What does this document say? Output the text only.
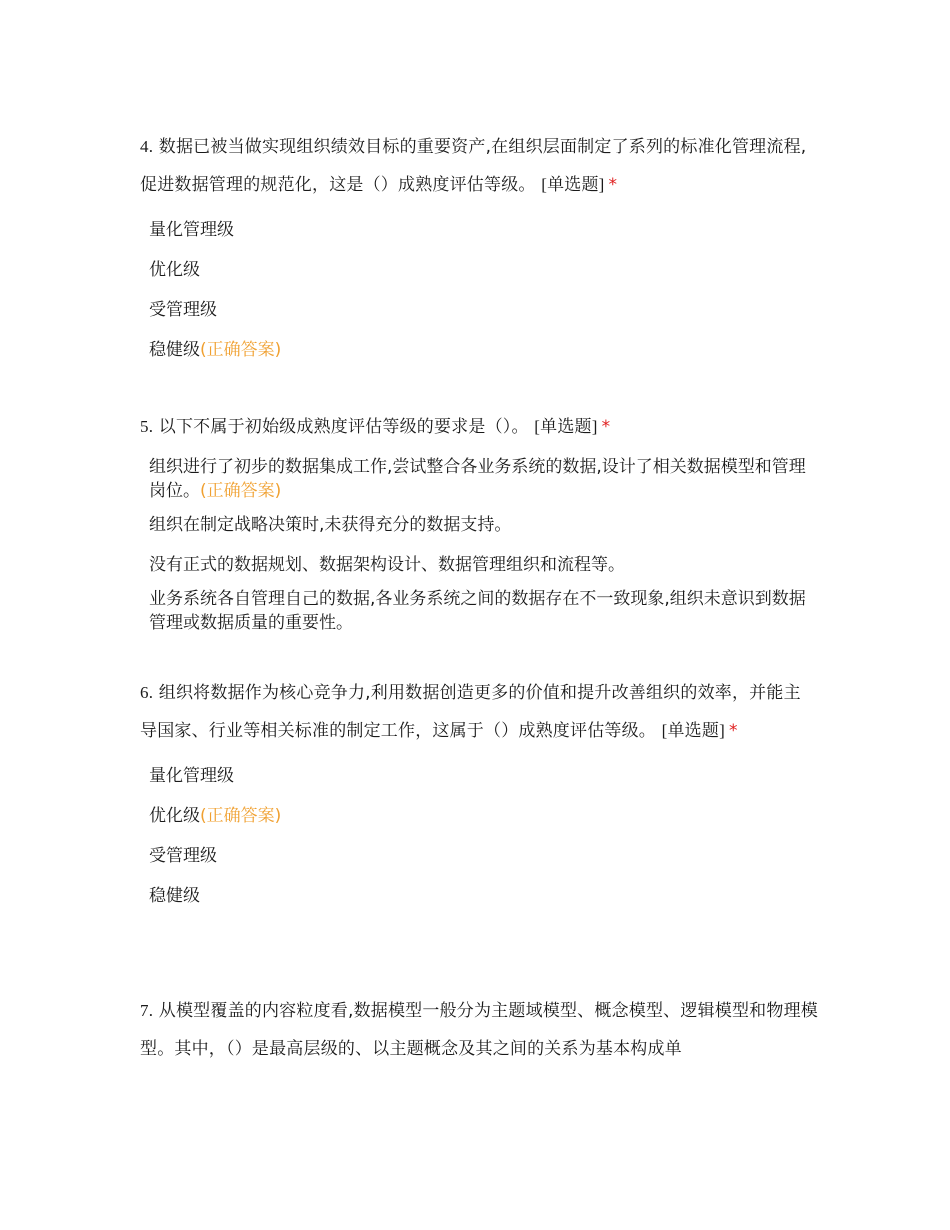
4. 数据已被当做实现组织绩效目标的重要资产,在组织层面制定了系列的标准化管理流程,促进数据管理的规范化，这是（）成熟度评估等级。 [单选题] *

量化管理级
优化级
受管理级
稳健级(正确答案)

5. 以下不属于初始级成熟度评估等级的要求是（）。 [单选题] *

组织进行了初步的数据集成工作,尝试整合各业务系统的数据,设计了相关数据模型和管理岗位。(正确答案)
组织在制定战略决策时,未获得充分的数据支持。
没有正式的数据规划、数据架构设计、数据管理组织和流程等。
业务系统各自管理自己的数据,各业务系统之间的数据存在不一致现象,组织未意识到数据管理或数据质量的重要性。

6. 组织将数据作为核心竞争力,利用数据创造更多的价值和提升改善组织的效率，并能主导国家、行业等相关标准的制定工作，这属于（）成熟度评估等级。 [单选题] *

量化管理级
优化级(正确答案)
受管理级
稳健级

7. 从模型覆盖的内容粒度看,数据模型一般分为主题域模型、概念模型、逻辑模型和物理模型。其中，（）是最高层级的、以主题概念及其之间的关系为基本构成单
